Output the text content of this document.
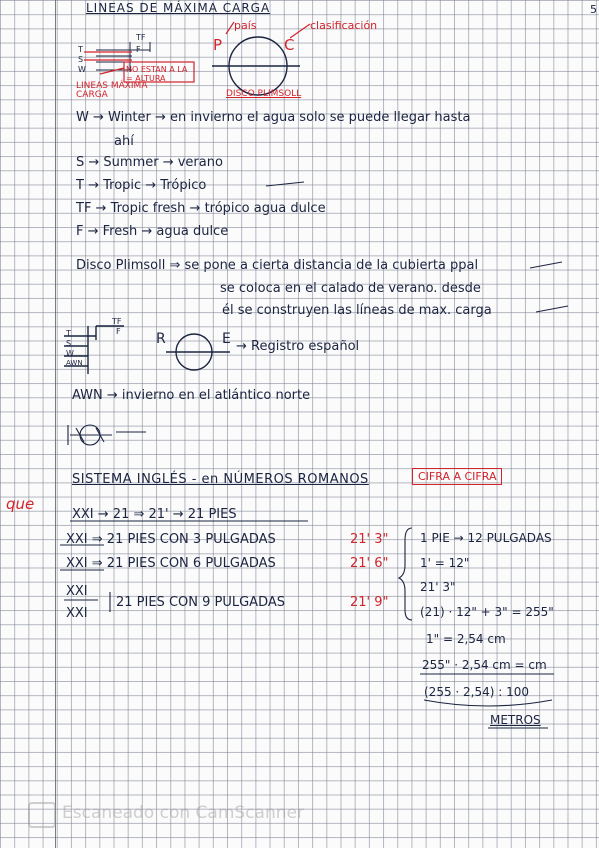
5
LINEAS DE MÁXIMA CARGA
TF
T	F
S
W	NO ESTAN A LA = ALTURA
LINEAS MÁXIMA CARGA
país	clasificación
P	C
DISCO PLIMSOLL
W → Winter → en invierno el agua solo se puede llegar hasta
ahí
S → Summer → verano
T → Tropic → Trópico
TF → Tropic fresh → trópico agua dulce
F → Fresh → agua dulce
Disco Plimsoll ⇒ se pone a cierta distancia de la cubierta ppal
se coloca en el calado de verano. desde
él se construyen las líneas de max. carga
TF
F
T
S
W
AWN
R	E → Registro español
AWN → invierno en el atlántico norte
SISTEMA INGLÉS - en NÚMEROS ROMANOS	CIFRA A CIFRA
que
XXI → 21 ⇒ 21' → 21 PIES
XXI ⇒ 21 PIES CON 3 PULGADAS
XXI ⇒ 21 PIES CON 6 PULGADAS
XXI
XXI
21 PIES CON 9 PULGADAS
21' 3"
21' 6"
21' 9"
1 PIE → 12 PULGADAS
1' = 12"
21' 3"
(21) · 12" + 3" = 255"
1" = 2,54 cm
255" · 2,54 cm = cm
(255 · 2,54) : 100
METROS
Escaneado con CamScanner
